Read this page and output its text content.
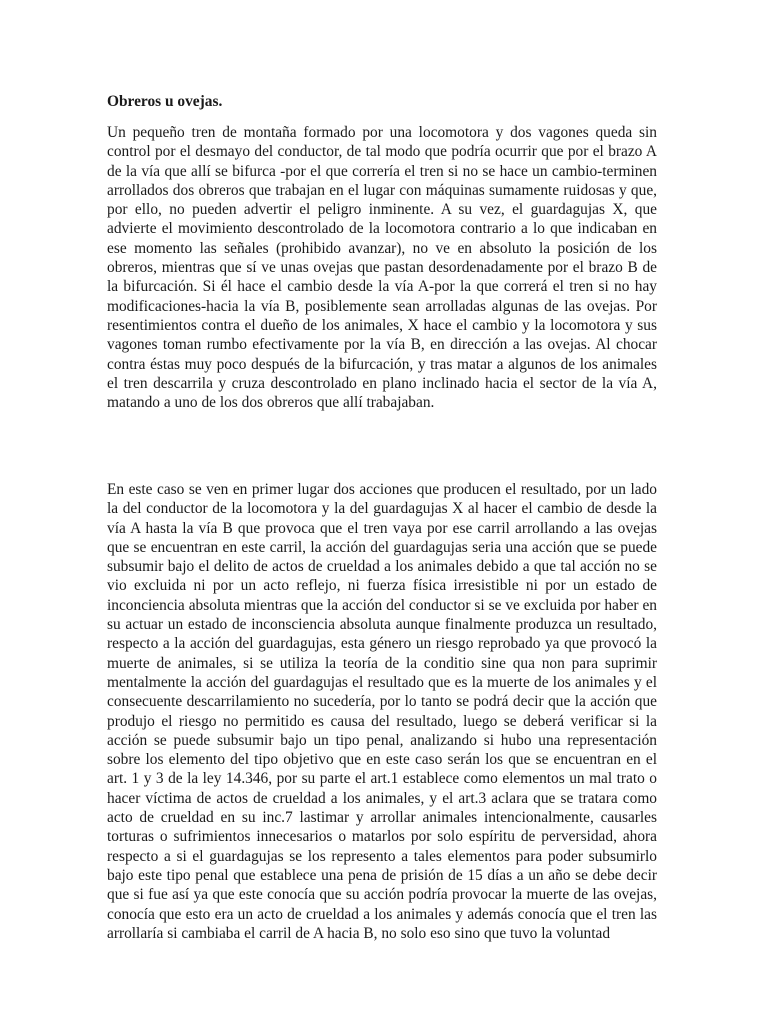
Obreros u ovejas.

Un pequeño tren de montaña formado por una locomotora y dos vagones queda sin control por el desmayo del conductor, de tal modo que podría ocurrir que por el brazo A de la vía que allí se bifurca -por el que correría el tren si no se hace un cambio-terminen arrollados dos obreros que trabajan en el lugar con máquinas sumamente ruidosas y que, por ello, no pueden advertir el peligro inminente. A su vez, el guardagujas X, que advierte el movimiento descontrolado de la locomotora contrario a lo que indicaban en ese momento las señales (prohibido avanzar), no ve en absoluto la posición de los obreros, mientras que sí ve unas ovejas que pastan desordenadamente por el brazo B de la bifurcación. Si él hace el cambio desde la vía A-por la que correrá el tren si no hay modificaciones-hacia la vía B, posiblemente sean arrolladas algunas de las ovejas. Por resentimientos contra el dueño de los animales, X hace el cambio y la locomotora y sus vagones toman rumbo efectivamente por la vía B, en dirección a las ovejas. Al chocar contra éstas muy poco después de la bifurcación, y tras matar a algunos de los animales el tren descarrila y cruza descontrolado en plano inclinado hacia el sector de la vía A, matando a uno de los dos obreros que allí trabajaban.

En este caso se ven en primer lugar dos acciones que producen el resultado, por un lado la del conductor de la locomotora y la del guardagujas X al hacer el cambio de desde la vía A hasta la vía B que provoca que el tren vaya por ese carril arrollando a las ovejas que se encuentran en este carril, la acción del guardagujas seria una acción que se puede subsumir bajo el delito de actos de crueldad a los animales debido a que tal acción no se vio excluida ni por un acto reflejo, ni fuerza física irresistible ni por un estado de inconciencia absoluta mientras que la acción del conductor si se ve excluida por haber en su actuar un estado de inconsciencia absoluta aunque finalmente produzca un resultado, respecto a la acción del guardagujas, esta género un riesgo reprobado ya que provocó la muerte de animales, si se utiliza la teoría de la conditio sine qua non para suprimir mentalmente la acción del guardagujas el resultado que es la muerte de los animales y el consecuente descarrilamiento no sucedería, por lo tanto se podrá decir que la acción que produjo el riesgo no permitido es causa del resultado, luego se deberá verificar si la acción se puede subsumir bajo un tipo penal, analizando si hubo una representación sobre los elemento del tipo objetivo que en este caso serán los que se encuentran en el art. 1 y 3 de la ley 14.346, por su parte el art.1 establece como elementos un mal trato o hacer víctima de actos de crueldad a los animales, y el art.3 aclara que se tratara como acto de crueldad en su inc.7 lastimar y arrollar animales intencionalmente, causarles torturas o sufrimientos innecesarios o matarlos por solo espíritu de perversidad, ahora respecto a si el guardagujas se los represento a tales elementos para poder subsumirlo bajo este tipo penal que establece una pena de prisión de 15 días a un año se debe decir que si fue así ya que este conocía que su acción podría provocar la muerte de las ovejas, conocía que esto era un acto de crueldad a los animales y además conocía que el tren las arrollaría si cambiaba el carril de A hacia B, no solo eso sino que tuvo la voluntad
